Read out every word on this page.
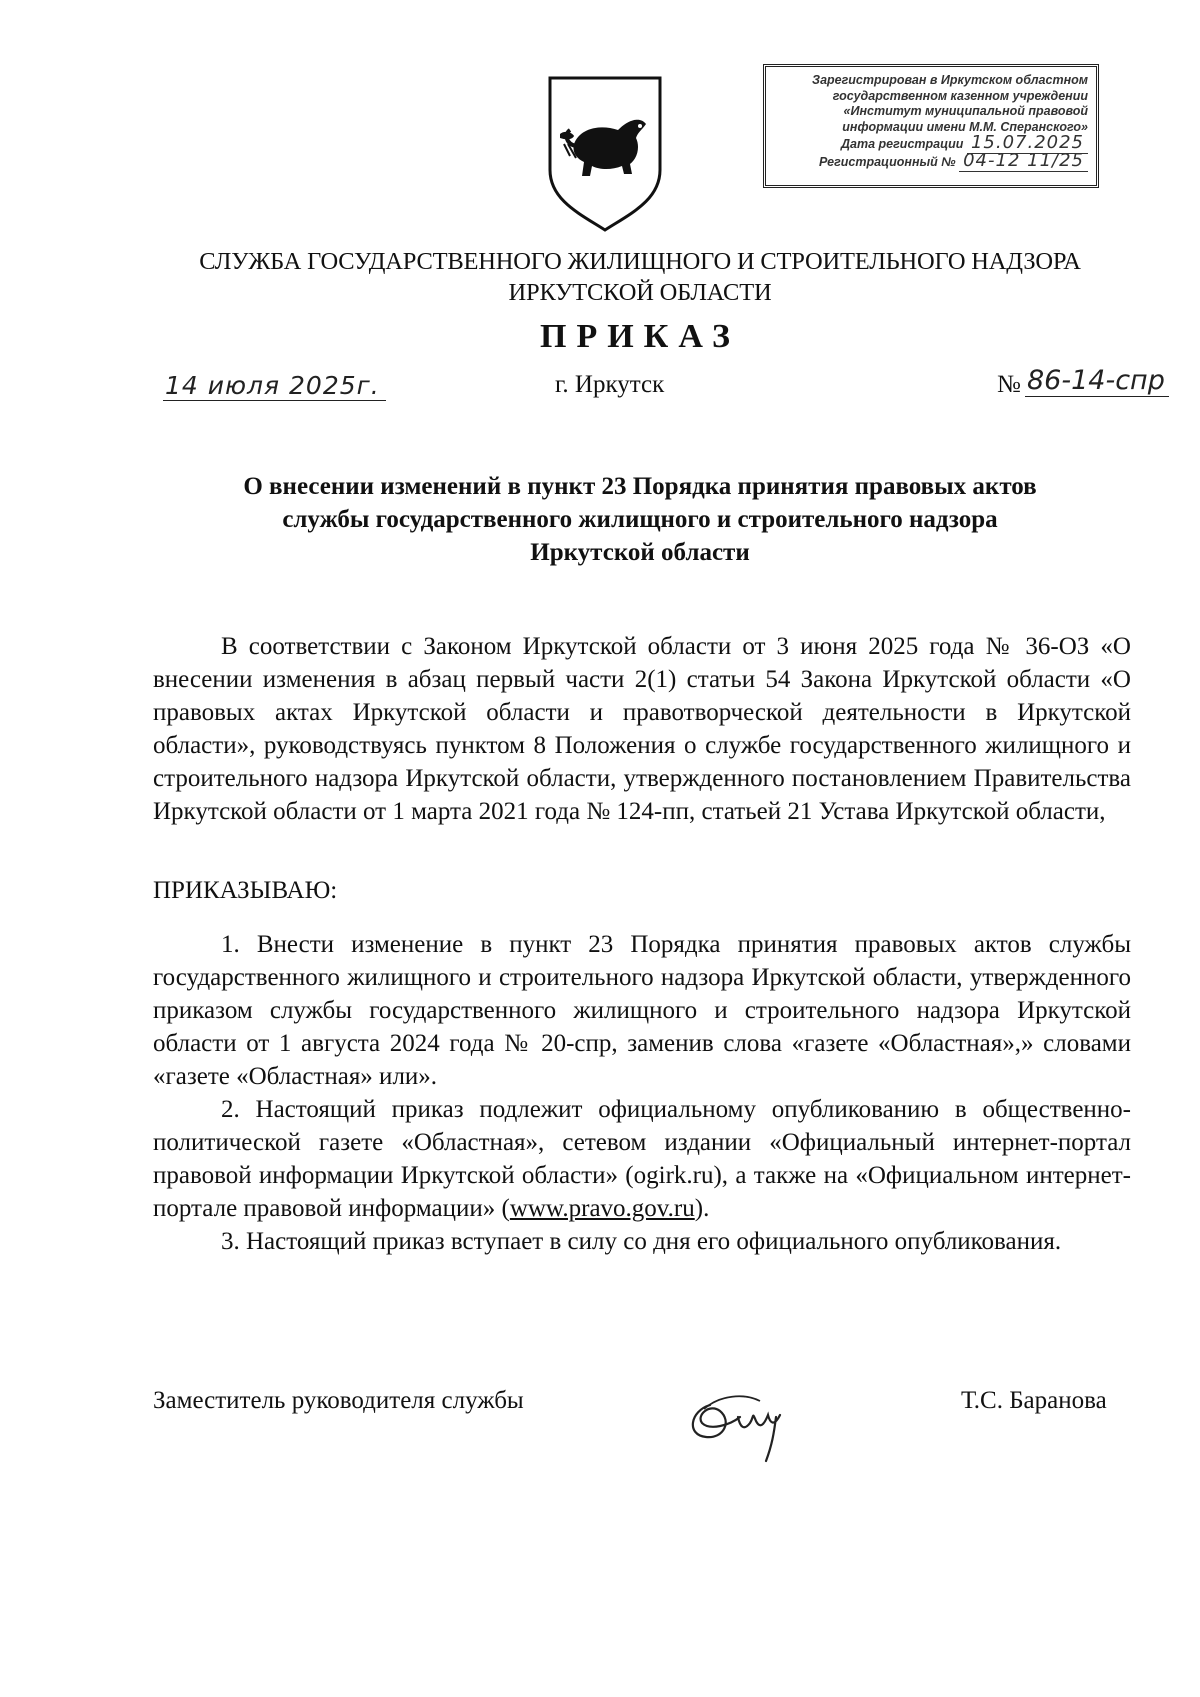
Зарегистрирован в Иркутском областном
государственном казенном учреждении
«Институт муниципальной правовой
информации имени М.М. Сперанского»
Дата регистрации 15.07.2025
Регистрационный № 04-12 11/25
СЛУЖБА ГОСУДАРСТВЕННОГО ЖИЛИЩНОГО И СТРОИТЕЛЬНОГО НАДЗОРА
ИРКУТСКОЙ ОБЛАСТИ
ПРИКАЗ
14 июля 2025г.	г. Иркутск	№ 86-14-спр
О внесении изменений в пункт 23 Порядка принятия правовых актов
службы государственного жилищного и строительного надзора
Иркутской области

В соответствии с Законом Иркутской области от 3 июня 2025 года № 36-ОЗ «О внесении изменения в абзац первый части 2(1) статьи 54 Закона Иркутской области «О правовых актах Иркутской области и правотворческой деятельности в Иркутской области», руководствуясь пунктом 8 Положения о службе государственного жилищного и строительного надзора Иркутской области, утвержденного постановлением Правительства Иркутской области от 1 марта 2021 года № 124-пп, статьей 21 Устава Иркутской области,

ПРИКАЗЫВАЮ:

1. Внести изменение в пункт 23 Порядка принятия правовых актов службы государственного жилищного и строительного надзора Иркутской области, утвержденного приказом службы государственного жилищного и строительного надзора Иркутской области от 1 августа 2024 года № 20-спр, заменив слова «газете «Областная»,» словами «газете «Областная» или».

2. Настоящий приказ подлежит официальному опубликованию в общественно-политической газете «Областная», сетевом издании «Официальный интернет-портал правовой информации Иркутской области» (ogirk.ru), а также на «Официальном интернет-портале правовой информации» (www.pravo.gov.ru).

3. Настоящий приказ вступает в силу со дня его официального опубликования.

Заместитель руководителя службы	Т.С. Баранова
